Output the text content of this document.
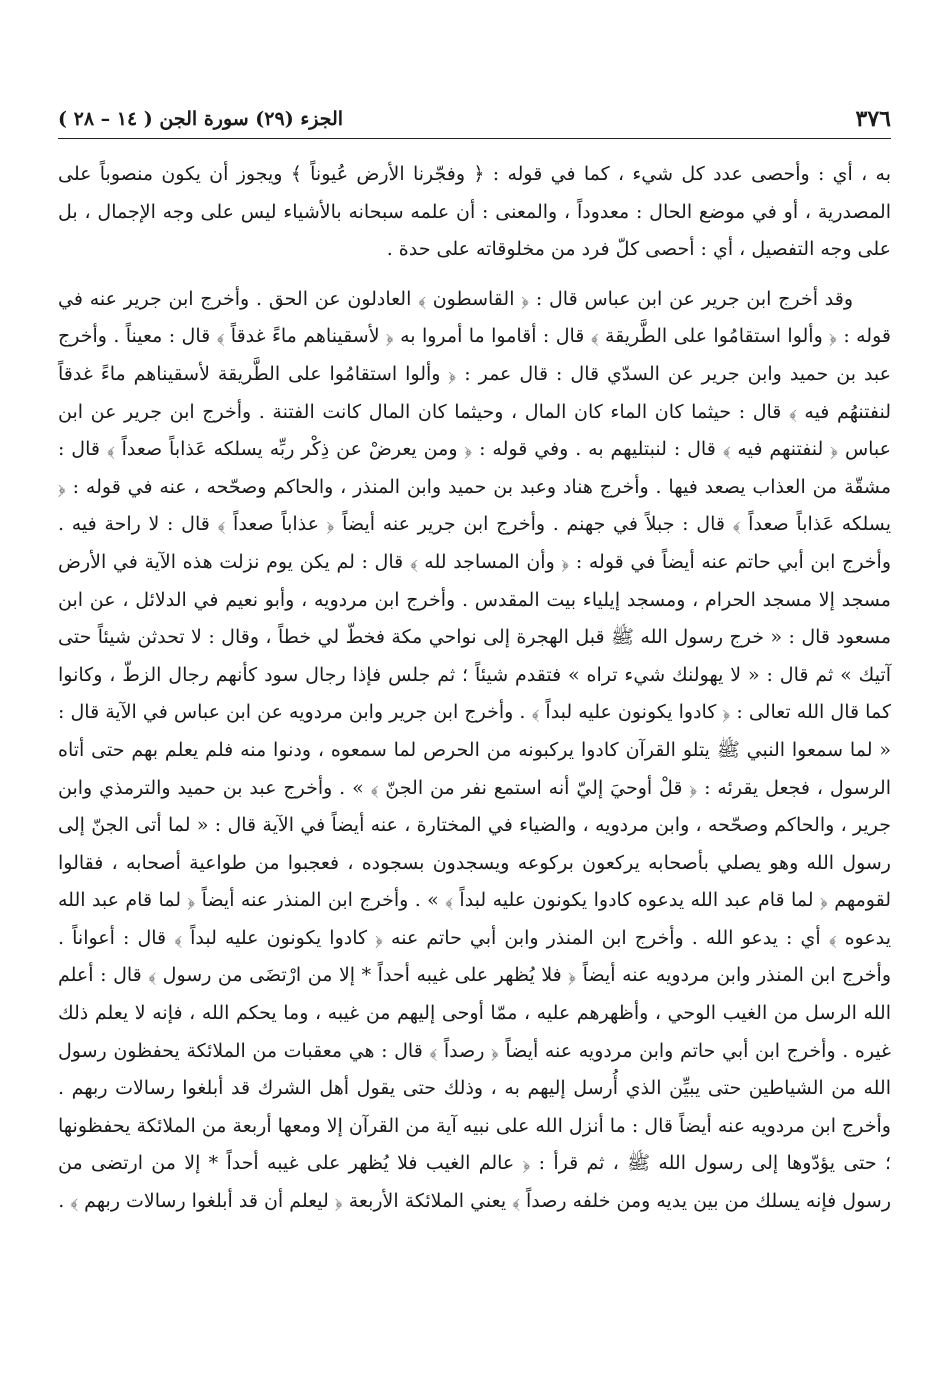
٣٧٦
الجزء (٢٩) سورة الجن ( ١٤ – ٢٨ )

به ، أي : وأحصى عدد كل شيء ، كما في قوله : ﴿ وفجّرنا الأرض عُيوناً ﴾ ويجوز أن يكون منصوباً على المصدرية ، أو في موضع الحال : معدوداً ، والمعنى : أن علمه سبحانه بالأشياء ليس على وجه الإجمال ، بل على وجه التفصيل ، أي : أحصى كلّ فرد من مخلوقاته على حدة .

وقد أخرج ابن جرير عن ابن عباس قال : ﴿ القاسطون ﴾ العادلون عن الحق . وأخرج ابن جرير عنه في قوله : ﴿ وألوا استقامُوا على الطَّريقة ﴾ قال : أقاموا ما أمروا به ﴿ لأسقيناهم ماءً غدقاً ﴾ قال : معيناً . وأخرج عبد بن حميد وابن جرير عن السدّي قال : قال عمر : ﴿ وألوا استقامُوا على الطَّريقة لأسقيناهم ماءً غدقاً لنفتنهُم فيه ﴾ قال : حيثما كان الماء كان المال ، وحيثما كان المال كانت الفتنة . وأخرج ابن جرير عن ابن عباس ﴿ لنفتنهم فيه ﴾ قال : لنبتليهم به . وفي قوله : ﴿ ومن يعرضْ عن ذِكْر ربِّه يسلكه عَذاباً صعداً ﴾ قال : مشقّة من العذاب يصعد فيها . وأخرج هناد وعبد بن حميد وابن المنذر ، والحاكم وصحّحه ، عنه في قوله : ﴿ يسلكه عَذاباً صعداً ﴾ قال : جبلاً في جهنم . وأخرج ابن جرير عنه أيضاً ﴿ عذاباً صعداً ﴾ قال : لا راحة فيه . وأخرج ابن أبي حاتم عنه أيضاً في قوله : ﴿ وأن المساجد لله ﴾ قال : لم يكن يوم نزلت هذه الآية في الأرض مسجد إلا مسجد الحرام ، ومسجد إيلياء بيت المقدس . وأخرج ابن مردويه ، وأبو نعيم في الدلائل ، عن ابن مسعود قال : « خرج رسول الله ﷺ قبل الهجرة إلى نواحي مكة فخطّ لي خطاً ، وقال : لا تحدثن شيئاً حتى آتيك » ثم قال : « لا يهولنك شيء تراه » فتقدم شيئاً ؛ ثم جلس فإذا رجال سود كأنهم رجال الزطّ ، وكانوا كما قال الله تعالى : ﴿ كادوا يكونون عليه لبداً ﴾ . وأخرج ابن جرير وابن مردويه عن ابن عباس في الآية قال : « لما سمعوا النبي ﷺ يتلو القرآن كادوا يركبونه من الحرص لما سمعوه ، ودنوا منه فلم يعلم بهم حتى أتاه الرسول ، فجعل يقرئه : ﴿ قلْ أوحيَ إليّ أنه استمع نفر من الجنّ ﴾ » . وأخرج عبد بن حميد والترمذي وابن جرير ، والحاكم وصحّحه ، وابن مردويه ، والضياء في المختارة ، عنه أيضاً في الآية قال : « لما أتى الجنّ إلى رسول الله وهو يصلي بأصحابه يركعون بركوعه ويسجدون بسجوده ، فعجبوا من طواعية أصحابه ، فقالوا لقومهم ﴿ لما قام عبد الله يدعوه كادوا يكونون عليه لبداً ﴾ » . وأخرج ابن المنذر عنه أيضاً ﴿ لما قام عبد الله يدعوه ﴾ أي : يدعو الله . وأخرج ابن المنذر وابن أبي حاتم عنه ﴿ كادوا يكونون عليه لبداً ﴾ قال : أعواناً . وأخرج ابن المنذر وابن مردويه عنه أيضاً ﴿ فلا يُظهر على غيبه أحداً * إلا من ارْتضَى من رسول ﴾ قال : أعلم الله الرسل من الغيب الوحي ، وأظهرهم عليه ، ممّا أوحى إليهم من غيبه ، وما يحكم الله ، فإنه لا يعلم ذلك غيره . وأخرج ابن أبي حاتم وابن مردويه عنه أيضاً ﴿ رصداً ﴾ قال : هي معقبات من الملائكة يحفظون رسول الله من الشياطين حتى يبيِّن الذي أُرسل إليهم به ، وذلك حتى يقول أهل الشرك قد أبلغوا رسالات ربهم . وأخرج ابن مردويه عنه أيضاً قال : ما أنزل الله على نبيه آية من القرآن إلا ومعها أربعة من الملائكة يحفظونها ؛ حتى يؤدّوها إلى رسول الله ﷺ ، ثم قرأ : ﴿ عالم الغيب فلا يُظهر على غيبه أحداً * إلا من ارتضى من رسول فإنه يسلك من بين يديه ومن خلفه رصداً ﴾ يعني الملائكة الأربعة ﴿ ليعلم أن قد أبلغوا رسالات ربهم ﴾ .
